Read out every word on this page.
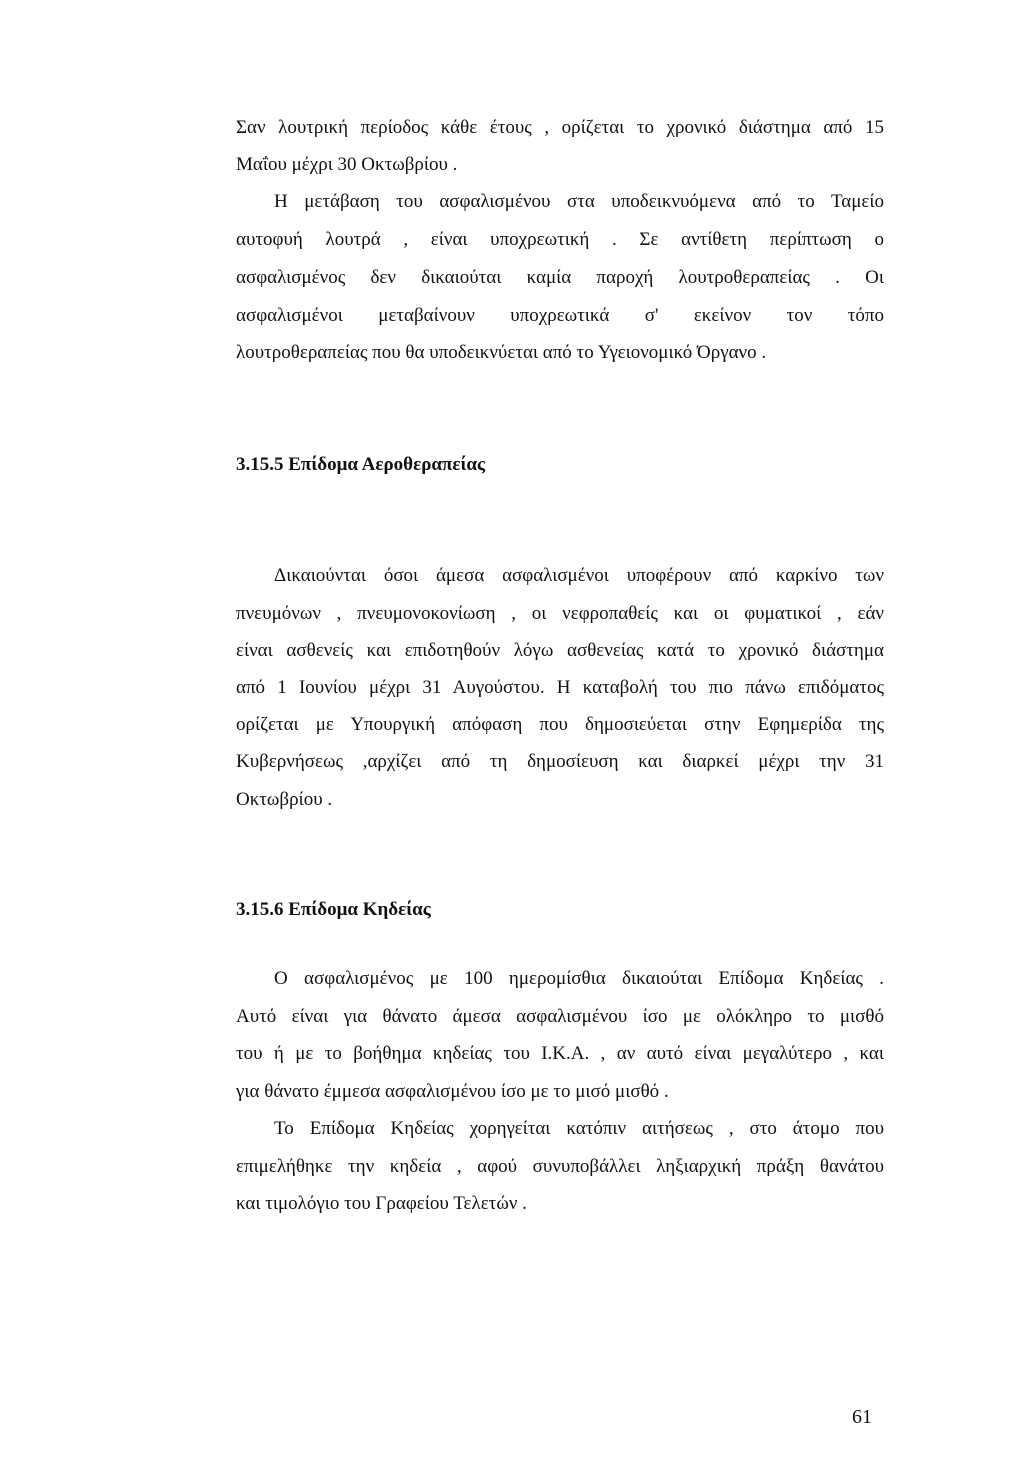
Σαν λουτρική περίοδος κάθε έτους , ορίζεται το χρονικό διάστημα από 15
Μαΐου μέχρι 30 Οκτωβρίου .
Η μετάβαση του ασφαλισμένου στα υποδεικνυόμενα από το Ταμείο
αυτοφυή λουτρά , είναι υποχρεωτική . Σε αντίθετη περίπτωση ο
ασφαλισμένος δεν δικαιούται καμία παροχή λουτροθεραπείας . Οι
ασφαλισμένοι μεταβαίνουν υποχρεωτικά σ' εκείνον τον τόπο
λουτροθεραπείας που θα υποδεικνύεται από το Υγειονομικό Όργανο .
3.15.5 Επίδομα Αεροθεραπείας
Δικαιούνται όσοι άμεσα ασφαλισμένοι υποφέρουν από καρκίνο των
πνευμόνων , πνευμονοκονίωση , οι νεφροπαθείς και οι φυματικοί , εάν
είναι ασθενείς και επιδοτηθούν λόγω ασθενείας κατά το χρονικό διάστημα
από 1 Ιουνίου μέχρι 31 Αυγούστου. Η καταβολή του πιο πάνω επιδόματος
ορίζεται με Υπουργική απόφαση που δημοσιεύεται στην Εφημερίδα της
Κυβερνήσεως ,αρχίζει από τη δημοσίευση και διαρκεί μέχρι την 31
Οκτωβρίου .
3.15.6 Επίδομα Κηδείας
Ο ασφαλισμένος με 100 ημερομίσθια δικαιούται Επίδομα Κηδείας .
Αυτό είναι για θάνατο άμεσα ασφαλισμένου ίσο με ολόκληρο το μισθό
του ή με το βοήθημα κηδείας του Ι.Κ.Α. , αν αυτό είναι μεγαλύτερο , και
για θάνατο έμμεσα ασφαλισμένου ίσο με το μισό μισθό .
Το Επίδομα Κηδείας χορηγείται κατόπιν αιτήσεως , στο άτομο που
επιμελήθηκε την κηδεία , αφού συνυποβάλλει ληξιαρχική πράξη θανάτου
και τιμολόγιο του Γραφείου Τελετών .
61
